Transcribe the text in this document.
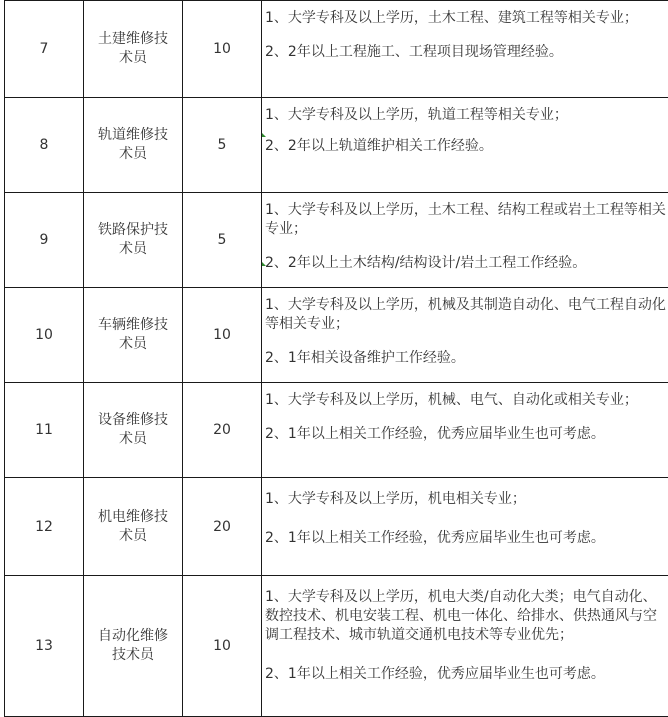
7	土建维修技术员	10	1、大学专科及以上学历，土木工程、建筑工程等相关专业；
2、2年以上工程施工、工程项目现场管理经验。

8	轨道维修技术员	5	1、大学专科及以上学历，轨道工程等相关专业；
2、2年以上轨道维护相关工作经验。

9	铁路保护技术员	5	1、大学专科及以上学历，土木工程、结构工程或岩土工程等相关专业；
2、2年以上土木结构/结构设计/岩土工程工作经验。

10	车辆维修技术员	10	1、大学专科及以上学历，机械及其制造自动化、电气工程自动化等相关专业；
2、1年相关设备维护工作经验。

11	设备维修技术员	20	1、大学专科及以上学历，机械、电气、自动化或相关专业；
2、1年以上相关工作经验，优秀应届毕业生也可考虑。

12	机电维修技术员	20	1、大学专科及以上学历，机电相关专业；
2、1年以上相关工作经验，优秀应届毕业生也可考虑。

13	自动化维修技术员	10	1、大学专科及以上学历，机电大类/自动化大类；电气自动化、数控技术、机电安装工程、机电一体化、给排水、供热通风与空调工程技术、城市轨道交通机电技术等专业优先；
2、1年以上相关工作经验，优秀应届毕业生也可考虑。
